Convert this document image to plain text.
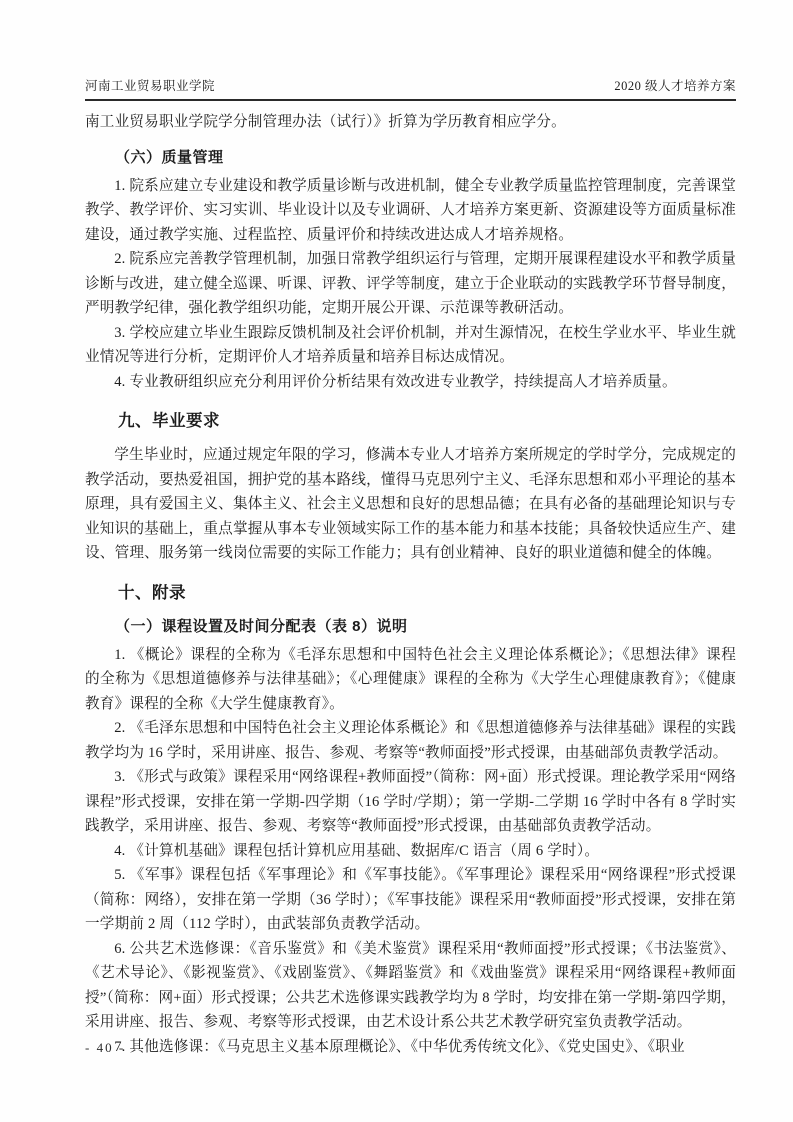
河南工业贸易职业学院	2020 级人才培养方案

南工业贸易职业学院学分制管理办法（试行）》折算为学历教育相应学分。

（六）质量管理

1. 院系应建立专业建设和教学质量诊断与改进机制，健全专业教学质量监控管理制度，完善课堂教学、教学评价、实习实训、毕业设计以及专业调研、人才培养方案更新、资源建设等方面质量标准建设，通过教学实施、过程监控、质量评价和持续改进达成人才培养规格。

2. 院系应完善教学管理机制，加强日常教学组织运行与管理，定期开展课程建设水平和教学质量诊断与改进，建立健全巡课、听课、评教、评学等制度，建立于企业联动的实践教学环节督导制度，严明教学纪律，强化教学组织功能，定期开展公开课、示范课等教研活动。

3. 学校应建立毕业生跟踪反馈机制及社会评价机制，并对生源情况，在校生学业水平、毕业生就业情况等进行分析，定期评价人才培养质量和培养目标达成情况。

4. 专业教研组织应充分利用评价分析结果有效改进专业教学，持续提高人才培养质量。

九、毕业要求

学生毕业时，应通过规定年限的学习，修满本专业人才培养方案所规定的学时学分，完成规定的教学活动，要热爱祖国，拥护党的基本路线，懂得马克思列宁主义、毛泽东思想和邓小平理论的基本原理，具有爱国主义、集体主义、社会主义思想和良好的思想品德；在具有必备的基础理论知识与专业知识的基础上，重点掌握从事本专业领域实际工作的基本能力和基本技能；具备较快适应生产、建设、管理、服务第一线岗位需要的实际工作能力；具有创业精神、良好的职业道德和健全的体魄。

十、附录
（一）课程设置及时间分配表（表 8）说明

1. 《概论》课程的全称为《毛泽东思想和中国特色社会主义理论体系概论》；《思想法律》课程的全称为《思想道德修养与法律基础》；《心理健康》课程的全称为《大学生心理健康教育》；《健康教育》课程的全称《大学生健康教育》。

2. 《毛泽东思想和中国特色社会主义理论体系概论》和《思想道德修养与法律基础》课程的实践教学均为 16 学时，采用讲座、报告、参观、考察等“教师面授”形式授课，由基础部负责教学活动。

3. 《形式与政策》课程采用“网络课程+教师面授”（简称：网+面）形式授课。理论教学采用“网络课程”形式授课，安排在第一学期-四学期（16 学时/学期）；第一学期-二学期 16 学时中各有 8 学时实践教学，采用讲座、报告、参观、考察等“教师面授”形式授课，由基础部负责教学活动。

4. 《计算机基础》课程包括计算机应用基础、数据库/C 语言（周 6 学时）。

5. 《军事》课程包括《军事理论》和《军事技能》。《军事理论》课程采用“网络课程”形式授课（简称：网络），安排在第一学期（36 学时）；《军事技能》课程采用“教师面授”形式授课，安排在第一学期前 2 周（112 学时），由武装部负责教学活动。

6. 公共艺术选修课：《音乐鉴赏》和《美术鉴赏》课程采用“教师面授”形式授课；《书法鉴赏》、《艺术导论》、《影视鉴赏》、《戏剧鉴赏》、《舞蹈鉴赏》和《戏曲鉴赏》课程采用“网络课程+教师面授”（简称：网+面）形式授课；公共艺术选修课实践教学均为 8 学时，均安排在第一学期-第四学期，采用讲座、报告、参观、考察等形式授课，由艺术设计系公共艺术教学研究室负责教学活动。

7. 其他选修课：《马克思主义基本原理概论》、《中华优秀传统文化》、《党史国史》、《职业

- 40 -
